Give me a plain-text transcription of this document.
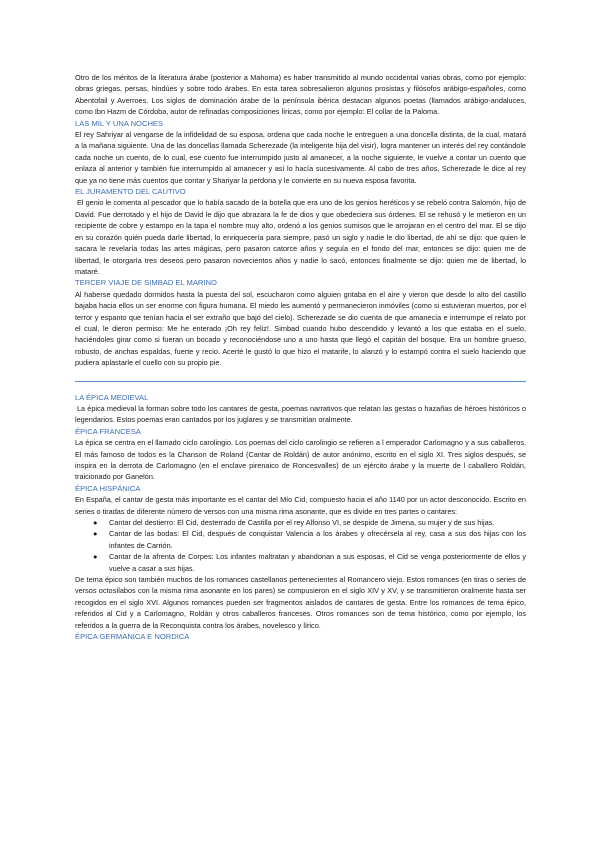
Otro de los méritos de la literatura árabe (posterior a Mahoma) es haber transmitido al mundo occidental varias obras, como por ejemplo: obras griegas, persas, hindúes y sobre todo árabes. En esta tarea sobresalieron algunos prosistas y filósofos arábigo-españoles, como Abentofail y Averroes. Los siglos de dominación árabe de la península ibérica destacan algunos poetas (llamados arábigo-andaluces, como Ibn Hazm de Córdoba, autor de refinadas composiciones líricas, como por ejemplo: El collar de la Paloma.

LAS MIL Y UNA NOCHES

El rey Sahriyar al vengarse de la infidelidad de su esposa, ordena que cada noche le entreguen a una doncella distinta, de la cual, matará a la mañana siguiente. Una de las doncellas llamada Scherezade (la inteligente hija del visir), logra mantener un interés del rey contándole cada noche un cuento, de lo cual, ese cuento fue interrumpido justo al amanecer, a la noche siguiente, le vuelve a contar un cuento que enlaza al anterior y también fue interrumpido al amanecer y así lo hacía sucesivamente. Al cabo de tres años, Scherezade le dice al rey que ya no tiene más cuentos que contar y Shariyar la perdona y le convierte en su nueva esposa favorita.

EL JURAMENTO DEL CAUTIVO

El genio le comenta al pescador que lo había sacado de la botella que era uno de los genios heréticos y se rebeló contra Salomón, hijo de David. Fue derrotado y el hijo de David le dijo que abrazara la fe de dios y que obedeciera sus órdenes. El se rehusó y le metieron en un recipiente de cobre y estampo en la tapa el nombre muy alto, ordenó a los genios sumisos que le arrojaran en el centro del mar. El se dijo en su corazón quién pueda darle libertad, lo enriquecería para siempre, pasó un siglo y nadie le dio libertad, de ahí se dijo: que quien le sacara le revelaría todas las artes mágicas, pero pasaron catorce años y seguía en el fondo del mar, entonces se dijo: quien me de libertad, le otorgaría tres deseos pero pasaron novecientos años y nadie lo sacó, entonces finalmente se dijo: quien me de libertad, lo mataré.

TERCER VIAJE DE SIMBAD EL MARINO

Al haberse quedado dormidos hasta la puesta del sol, escucharon como alguien gritaba en el aire y vieron que desde lo alto del castillo bajaba hacia ellos un ser enorme con figura humana. El miedo les aumentó y permanecieron inmóviles (como si estuvieran muertos, por el terror y espanto que tenían hacia el ser extraño que bajó del cielo). Scherezade se dio cuenta de que amanecía e interrumpe el relato por el cual, le dieron permiso: Me he enterado ¡Oh rey feliz!. Simbad cuando hubo descendido y levantó a los que estaba en el suelo, haciéndoles girar como si fueran un bocado y reconociéndose uno a uno hasta que llegó el capitán del bosque. Era un hombre grueso, robusto, de anchas espaldas, fuerte y recio. Acerté le gustó lo que hizo el matarife, lo alanzó y lo estampó contra el suelo haciendo que pudiera aplastarle el cuello con su propio pie.

LA ÉPICA MEDIEVAL

La épica medieval la forman sobre todo los cantares de gesta, poemas narrativos que relatan las gestas o hazañas de héroes históricos o legendarios. Estos poemas eran cantados por los juglares y se transmitían oralmente.

ÉPICA FRANCESA

La épica se centra en el llamado ciclo carolingio. Los poemas del ciclo carolingio se refieren a l emperador Carlomagno y a sus caballeros. El más famoso de todos es la Chanson de Roland (Cantar de Roldán) de autor anónimo, escrito en el siglo XI. Tres siglos después, se inspira en la derrota de Carlomagno (en el enclave pirenaico de Roncesvalles) de un ejército árabe y la muerte de l caballero Roldán, traicionado por Ganelón.

ÉPICA HISPÁNICA

En España, el cantar de gesta más importante es el cantar del Mío Cid, compuesto hacia el año 1140 por un actor desconocido. Escrito en series o tiradas de diferente número de versos con una misma rima asonante, que es divide en tres partes o cantares:

● Cantar del destierro: El Cid, desterrado de Castilla por el rey Alfonso VI, se despide de Jimena, su mujer y de sus hijas.
● Cantar de las bodas: El Cid, después de conquistar Valencia a los árabes y ofrecérsela al rey, casa a sus dos hijas con los infantes de Carrión.
● Cantar de la afrenta de Corpes: Los infantes maltratan y abandonan a sus esposas, el Cid se venga posteriormente de ellos y vuelve a casar a sus hijas.

De tema épico son también muchos de los romances castellanos pertenecientes al Romancero viejo. Estos romances (en tiras o series de versos octosílabos con la misma rima asonante en los pares) se compusieron en el siglo XIV y XV, y se transmitieron oralmente hasta ser recogidos en el siglo XVI. Algunos romances pueden ser fragmentos aislados de cantares de gesta. Entre los romances de tema épico, referidos al Cid y a Carlomagno, Roldán y otros caballeros franceses. Otros romances son de tema histórico, como por ejemplo, los referidos a la guerra de la Reconquista contra los árabes, novelesco y lírico.

ÉPICA GERMANICA E NORDICA
